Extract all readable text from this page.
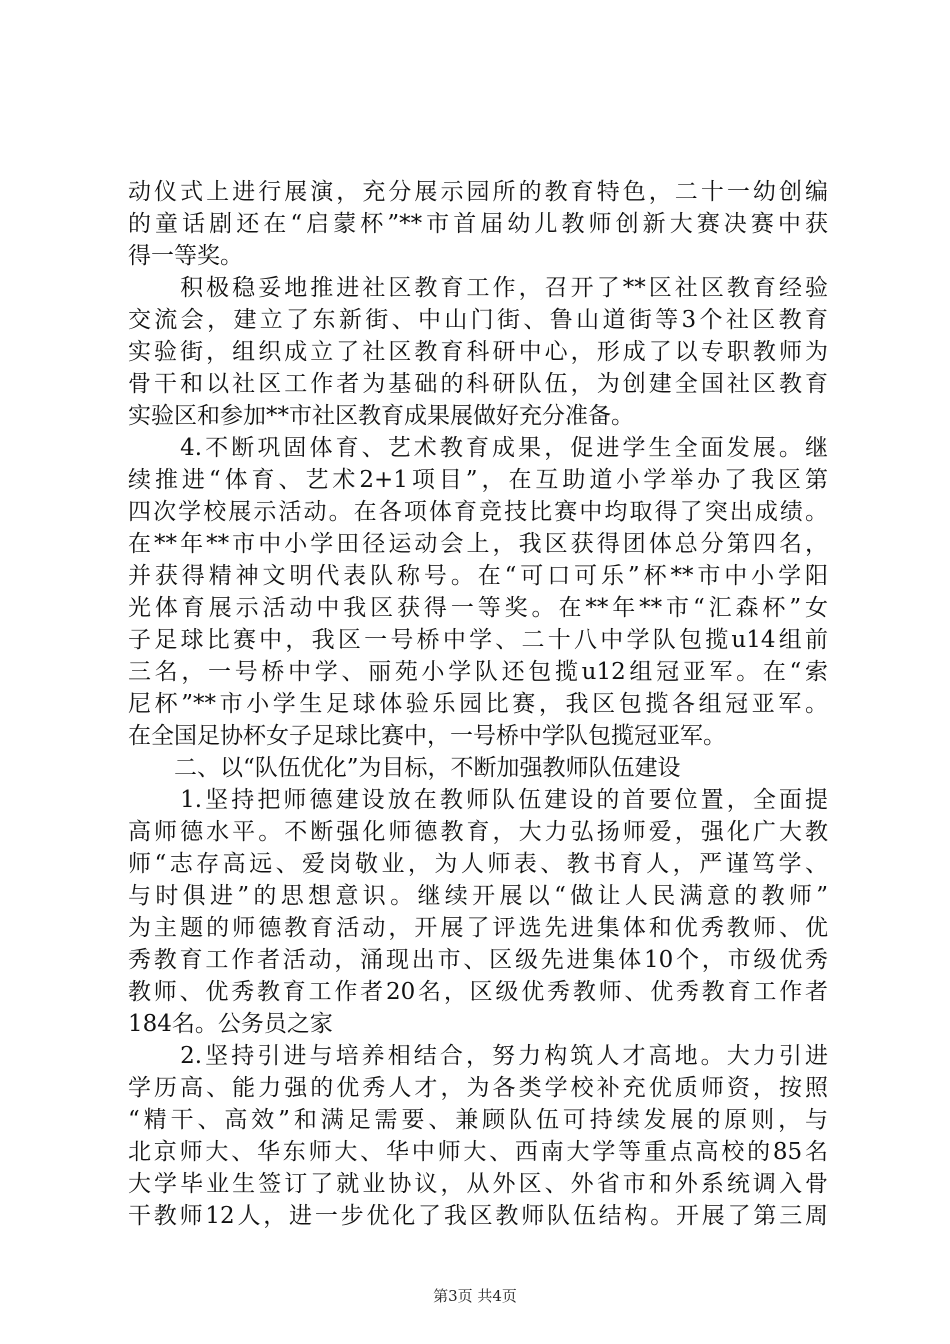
动仪式上进行展演，充分展示园所的教育特色，二十一幼创编
的童话剧还在“启蒙杯”**市首届幼儿教师创新大赛决赛中获
得一等奖。
　　积极稳妥地推进社区教育工作，召开了**区社区教育经验
交流会，建立了东新街、中山门街、鲁山道街等3个社区教育
实验街，组织成立了社区教育科研中心，形成了以专职教师为
骨干和以社区工作者为基础的科研队伍，为创建全国社区教育
实验区和参加**市社区教育成果展做好充分准备。
　　4.不断巩固体育、艺术教育成果，促进学生全面发展。继
续推进“体育、艺术2+1项目”，在互助道小学举办了我区第
四次学校展示活动。在各项体育竞技比赛中均取得了突出成绩。
在**年**市中小学田径运动会上，我区获得团体总分第四名，
并获得精神文明代表队称号。在“可口可乐”杯**市中小学阳
光体育展示活动中我区获得一等奖。在**年**市“汇森杯”女
子足球比赛中，我区一号桥中学、二十八中学队包揽u14组前
三名，一号桥中学、丽苑小学队还包揽u12组冠亚军。在“索
尼杯”**市小学生足球体验乐园比赛，我区包揽各组冠亚军。
在全国足协杯女子足球比赛中，一号桥中学队包揽冠亚军。
　　二、以“队伍优化”为目标，不断加强教师队伍建设
　　1.坚持把师德建设放在教师队伍建设的首要位置，全面提
高师德水平。不断强化师德教育，大力弘扬师爱，强化广大教
师“志存高远、爱岗敬业，为人师表、教书育人，严谨笃学、
与时俱进”的思想意识。继续开展以“做让人民满意的教师”
为主题的师德教育活动，开展了评选先进集体和优秀教师、优
秀教育工作者活动，涌现出市、区级先进集体10个，市级优秀
教师、优秀教育工作者20名，区级优秀教师、优秀教育工作者
184名。公务员之家
　　2.坚持引进与培养相结合，努力构筑人才高地。大力引进
学历高、能力强的优秀人才，为各类学校补充优质师资，按照
“精干、高效”和满足需要、兼顾队伍可持续发展的原则，与
北京师大、华东师大、华中师大、西南大学等重点高校的85名
大学毕业生签订了就业协议，从外区、外省市和外系统调入骨
干教师12人，进一步优化了我区教师队伍结构。开展了第三周
第3页 共4页
